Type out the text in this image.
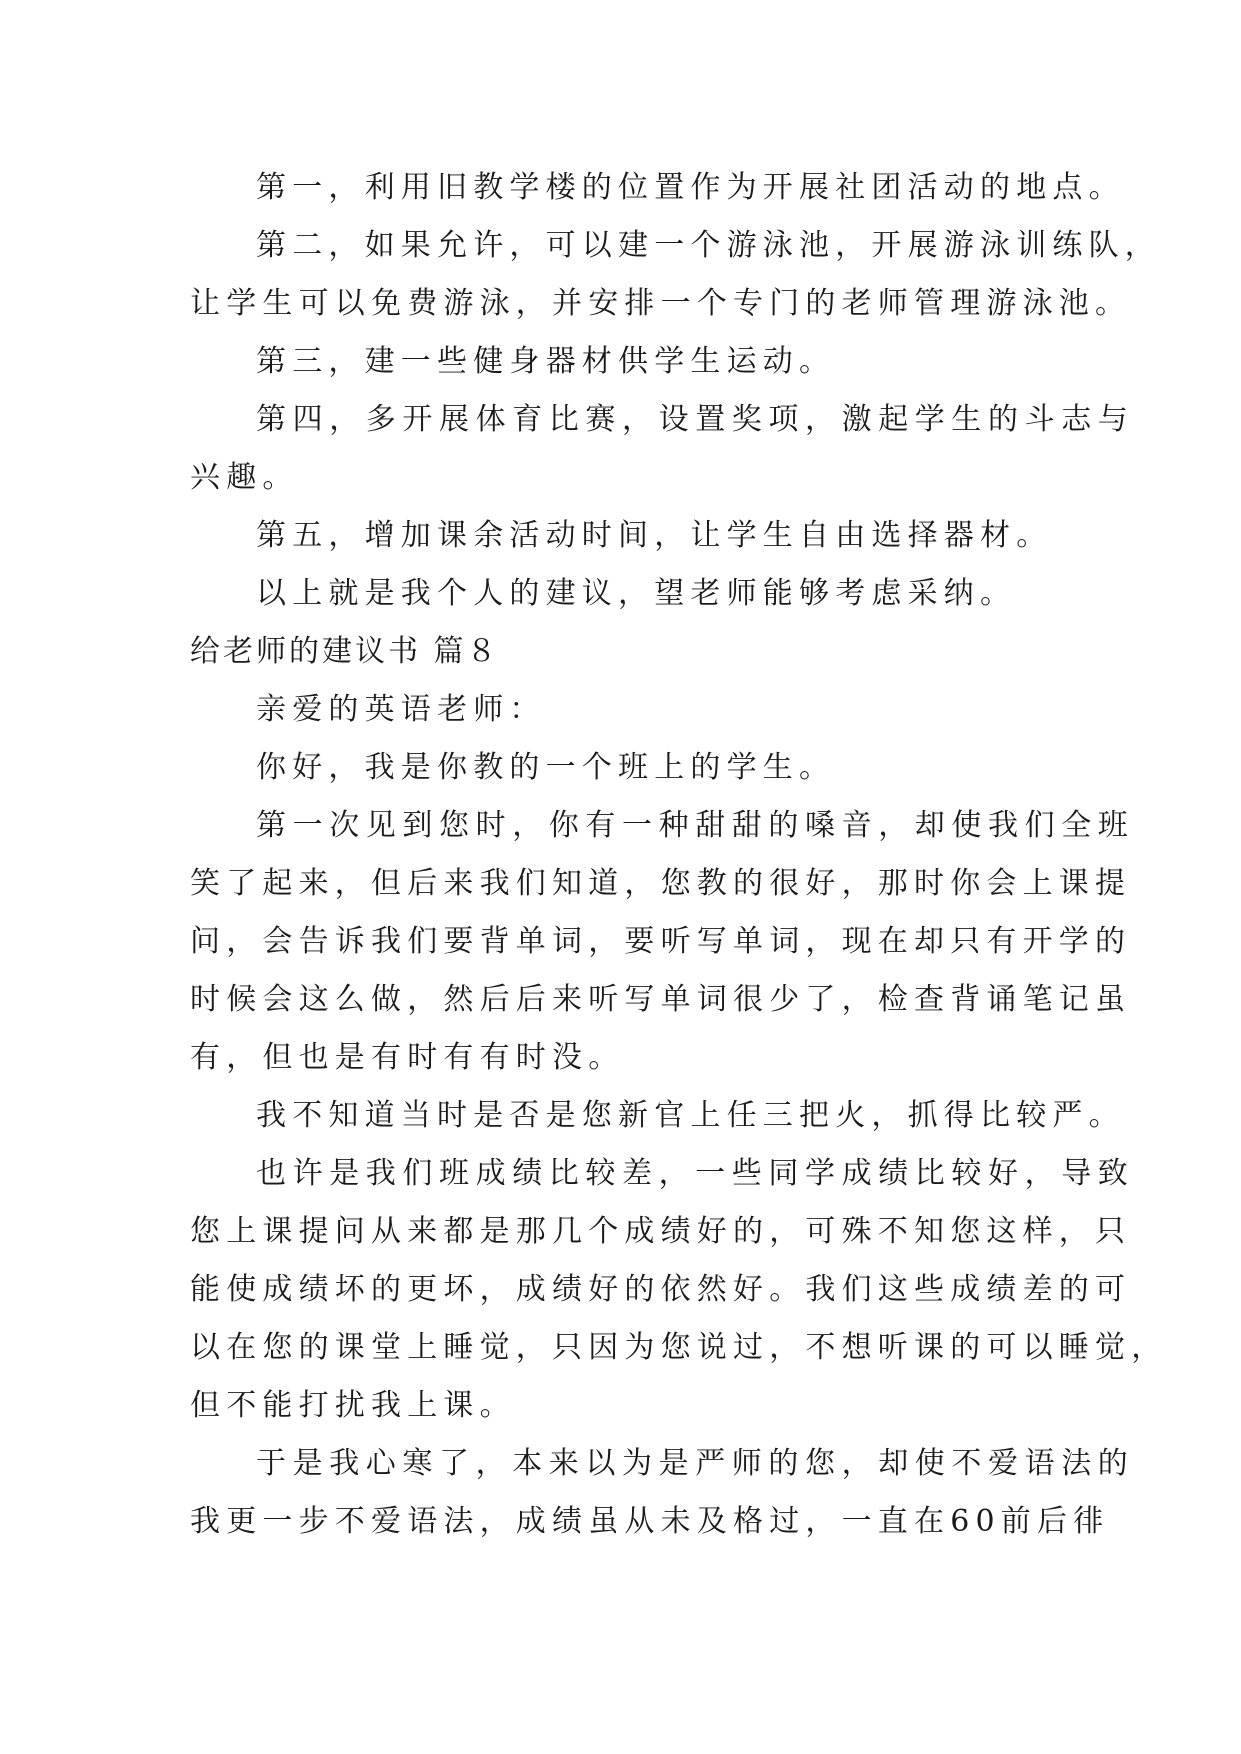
第一，利用旧教学楼的位置作为开展社团活动的地点。
第二，如果允许，可以建一个游泳池，开展游泳训练队，
让学生可以免费游泳，并安排一个专门的老师管理游泳池。
第三，建一些健身器材供学生运动。
第四，多开展体育比赛，设置奖项，激起学生的斗志与
兴趣。
第五，增加课余活动时间，让学生自由选择器材。
以上就是我个人的建议，望老师能够考虑采纳。
给老师的建议书 篇８
亲爱的英语老师：
你好，我是你教的一个班上的学生。
第一次见到您时，你有一种甜甜的嗓音，却使我们全班
笑了起来，但后来我们知道，您教的很好，那时你会上课提
问，会告诉我们要背单词，要听写单词，现在却只有开学的
时候会这么做，然后后来听写单词很少了，检查背诵笔记虽
有，但也是有时有有时没。
我不知道当时是否是您新官上任三把火，抓得比较严。
也许是我们班成绩比较差，一些同学成绩比较好，导致
您上课提问从来都是那几个成绩好的，可殊不知您这样，只
能使成绩坏的更坏，成绩好的依然好。我们这些成绩差的可
以在您的课堂上睡觉，只因为您说过，不想听课的可以睡觉，
但不能打扰我上课。
于是我心寒了，本来以为是严师的您，却使不爱语法的
我更一步不爱语法，成绩虽从未及格过，一直在60前后徘
